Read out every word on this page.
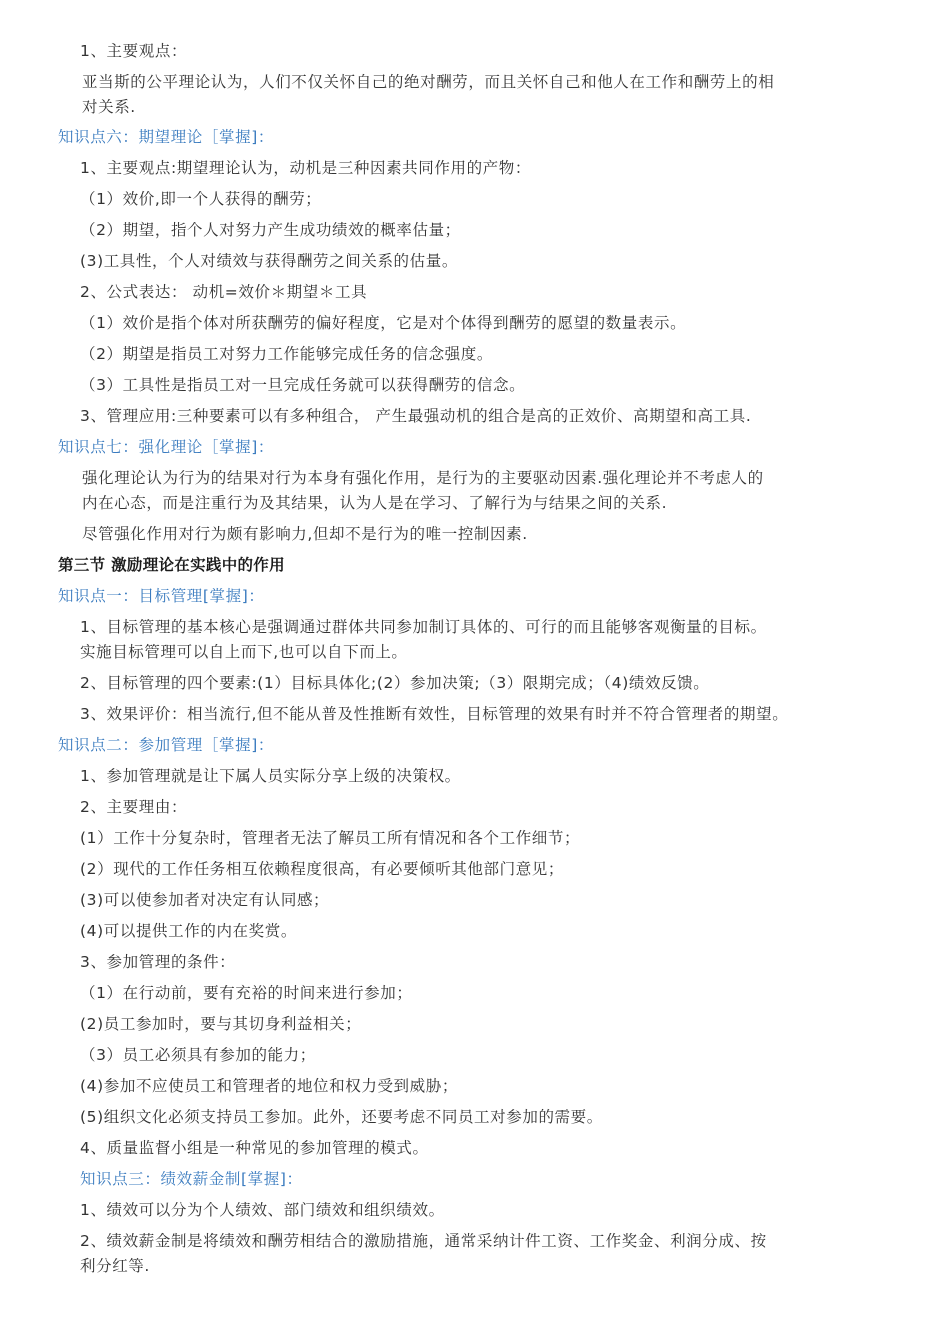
1、主要观点：
亚当斯的公平理论认为，人们不仅关怀自己的绝对酬劳，而且关怀自己和他人在工作和酬劳上的相
对关系.
知识点六：期望理论［掌握]：
1、主要观点:期望理论认为，动机是三种因素共同作用的产物：
（1）效价,即一个人获得的酬劳；
（2）期望，指个人对努力产生成功绩效的概率估量；
(3)工具性，个人对绩效与获得酬劳之间关系的估量。
2、公式表达： 动机=效价＊期望＊工具
（1）效价是指个体对所获酬劳的偏好程度，它是对个体得到酬劳的愿望的数量表示。
（2）期望是指员工对努力工作能够完成任务的信念强度。
（3）工具性是指员工对一旦完成任务就可以获得酬劳的信念。
3、管理应用:三种要素可以有多种组合， 产生最强动机的组合是高的正效价、高期望和高工具.
知识点七：强化理论［掌握]：
强化理论认为行为的结果对行为本身有强化作用，是行为的主要驱动因素.强化理论并不考虑人的
内在心态，而是注重行为及其结果，认为人是在学习、了解行为与结果之间的关系.
尽管强化作用对行为颇有影响力,但却不是行为的唯一控制因素.
第三节 激励理论在实践中的作用
知识点一：目标管理[掌握]：
1、目标管理的基本核心是强调通过群体共同参加制订具体的、可行的而且能够客观衡量的目标。
实施目标管理可以自上而下,也可以自下而上。
2、目标管理的四个要素:(1）目标具体化;(2）参加决策;（3）限期完成；（4)绩效反馈。
3、效果评价：相当流行,但不能从普及性推断有效性，目标管理的效果有时并不符合管理者的期望。
知识点二：参加管理［掌握]：
1、参加管理就是让下属人员实际分享上级的决策权。
2、主要理由：
(1）工作十分复杂时，管理者无法了解员工所有情况和各个工作细节；
(2）现代的工作任务相互依赖程度很高，有必要倾听其他部门意见；
(3)可以使参加者对决定有认同感；
(4)可以提供工作的内在奖赏。
3、参加管理的条件：
（1）在行动前，要有充裕的时间来进行参加；
(2)员工参加时，要与其切身利益相关；
（3）员工必须具有参加的能力；
(4)参加不应使员工和管理者的地位和权力受到威胁；
(5)组织文化必须支持员工参加。此外，还要考虑不同员工对参加的需要。
4、质量监督小组是一种常见的参加管理的模式。
知识点三：绩效薪金制[掌握]：
1、绩效可以分为个人绩效、部门绩效和组织绩效。
2、绩效薪金制是将绩效和酬劳相结合的激励措施，通常采纳计件工资、工作奖金、利润分成、按
利分红等.
